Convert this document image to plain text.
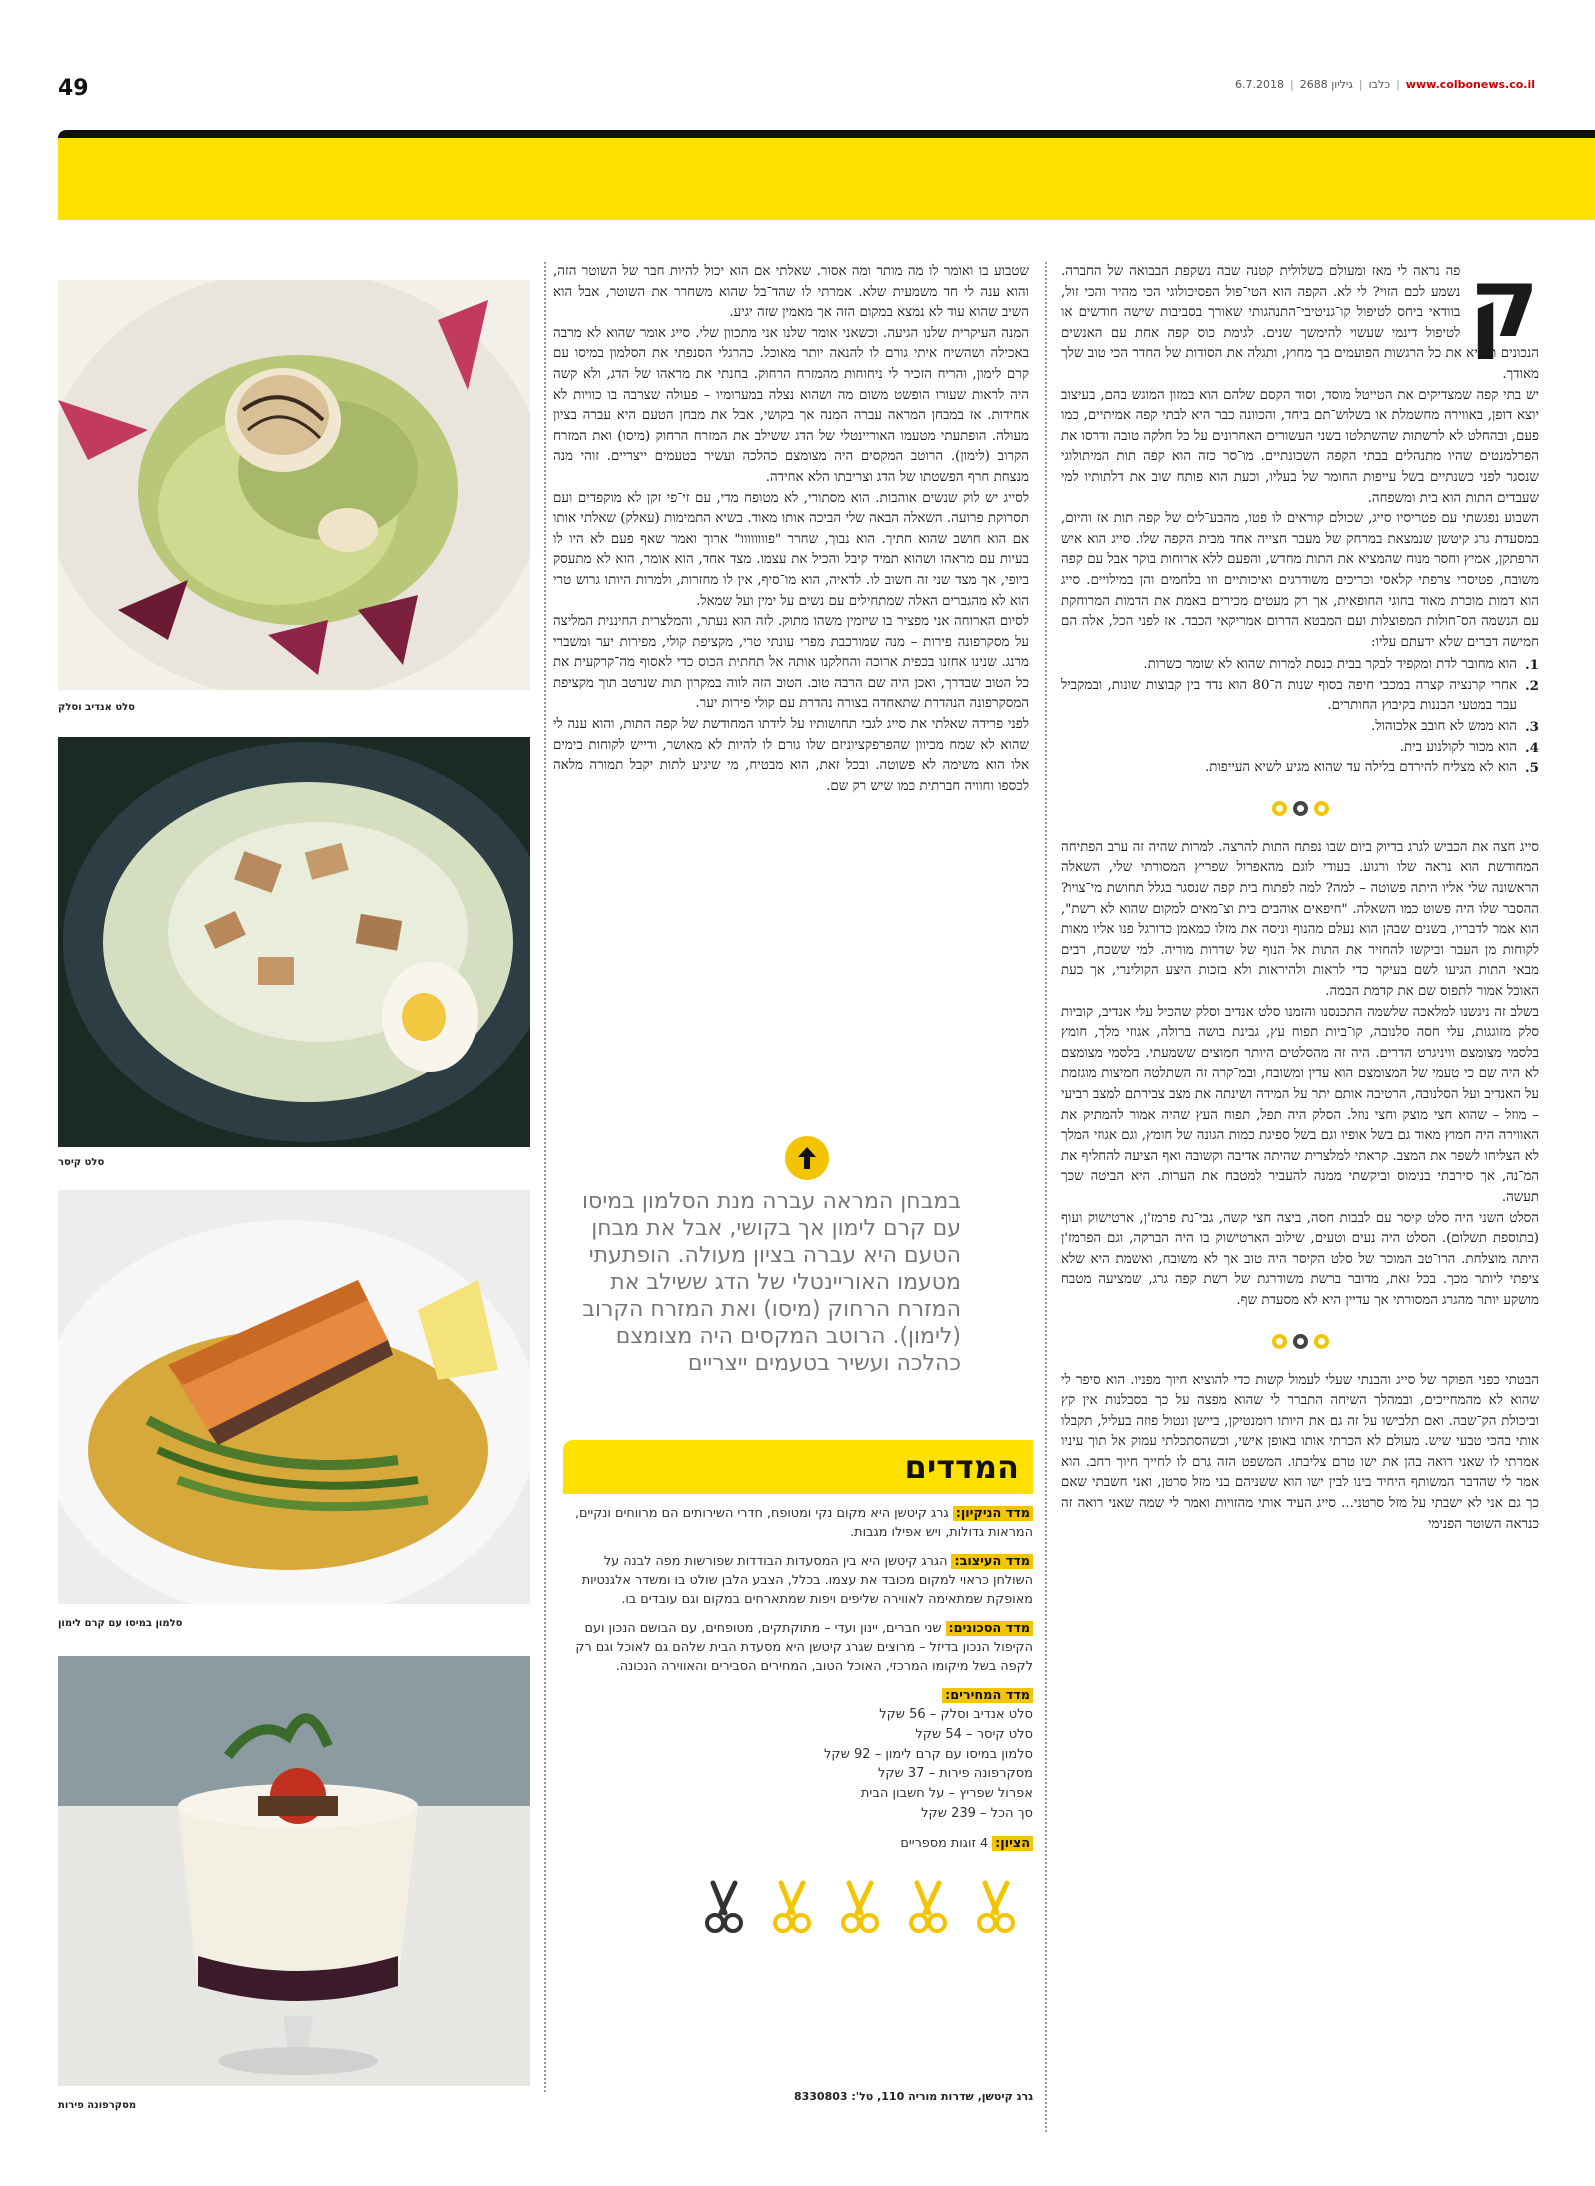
49	www.colbonews.co.il
|
כלבו
|
גיליון 2688
|
6.7.2018
סלט אנדיב וסלק
סלט קיסר
סלמון במיסו עם קרם לימון
מסקרפונה פירות
ק

פה נראה לי מאז ומעולם כשלולית קטנה שבה נשקפת הבבואה של החברה. נשמע לכם הזוי? לי לא. הקפה הוא הטי־פול הפסיכולוגי הכי מהיר והכי זול, בוודאי ביחס לטיפול קו־גניטיבי־התנהגותי שאורך בסביבות שישה חודשים או לטיפול דינמי שעשוי להימשך שנים. לגימת כוס קפה אחת עם האנשים הנכונים תוציא את כל הרגשות הפועמים בך מחוץ, ותגלה את הסודות של החדר הכי טוב שלך מאודך.

יש בתי קפה שמצדיקים את הטייטל מוסד, וסוד הקסם שלהם הוא במזון המוגש בהם, בעיצוב יוצא דופן, באווירה מחשמלת או בשלוש־תם ביחד, והכוונה כבר היא לבתי קפה אמיתיים, כמו פעם, ובהחלט לא לרשתות שהשתלטו בשני העשורים האחרונים על כל חלקה טובה ודרסו את הפרלמנטים שהיו מתנהלים בבתי הקפה השכונתיים. מו־סר כזה הוא קפה תות המיתולוגי שנסגר לפני כשנתיים בשל עייפות החומר של בעליו, וכעת הוא פותח שוב את דלתותיו למי שעבדים התות הוא בית ומשפחה.

השבוע נפגשתי עם פטריסיו סייג, שכולם קוראים לו פטו, מהבע־לים של קפה תות אז והיום, במסעדת גרג קיטשן שנמצאת במרחק של מעבר חצייה אחד מבית הקפה שלו. סייג הוא איש הרפתקן, אמיץ וחסר מנוח שהמציא את התות מחדש, והפעם ללא ארוחות בוקר אבל עם קפה משובח, פטיסרי צרפתי קלאסי וכריכים משודרגים ואיכותיים וזו בלחמים והן במילויים. סייג הוא דמות מוכרת מאוד בחוגי החופאית, אך רק מעטים מכירים באמת את הדמות המרוחקת עם הנשמה הס־חולות המפוצלות ועם המבטא הדרום אמריקאי הכבד. אז לפני הכל, אלה הם חמישה דברים שלא ידעתם עליו:

1.
הוא מחובר לדת ומקפיד לבקר בבית כנסת למרות שהוא לא שומר כשרות.
2.
אחרי קרנציה קצרה במכבי חיפה בסוף שנות ה־80 הוא נדד בין קבוצות שונות, ובמקביל עבר במטעי הבננות בקיבוץ החותרים.
3.
הוא ממש לא חובב אלכוהול.
4.
הוא מכור לקולנוע בית.
5.
הוא לא מצליח להירדם בלילה עד שהוא מגיע לשיא העייפות.

סייג חצה את הכביש לגרג בדיוק ביום שבו נפתח התות להרצה. למרות שהיה זה ערב הפתיחה המחודשת הוא נראה שלו ורגוע. בעודי לוגם מהאפרול שפריץ המסורתי שלי, השאלה הראשונה שלי אליו היתה פשוטה – למה? למה לפתוח בית קפה שנסגר בגלל תחושת מי־צויו? ההסבר שלו היה פשוט כמו השאלה. "חיפאים אוהבים בית וצ־מאים למקום שהוא לא רשת", הוא אמר לדבריו, בשנים שבהן הוא נעלם מהנוף וניסה את מזלו כמאמן כדורגל פנו אליו מאות לקוחות מן העבר וביקשו להחזיר את התות אל הנוף של שדרות מוריה. למי ששכח, רבים מבאי התות הגיעו לשם בעיקר כדי לראות ולהיראות ולא בזכות היצע הקולינרי, אך כעת האוכל אמור לתפוס שם את קדמת הבמה.

בשלב זה ניגשנו למלאכה שלשמה התכנסנו והזמנו סלט אנדיב וסלק שהכיל עלי אנדיב, קוביות סלק מזוגגות, עלי חסה סלנובה, קו־ביות תפוח עץ, גבינת בושה ברולה, אגוזי מלך, חומץ בלסמי מצומצם וויניגרט הדרים. היה זה מהסלטים היותר חמוצים ששמעתי. בלסמי מצומצם לא היה שם כי טעמי של המצומצם הוא עדין ומשובח, ובמ־קרה זה השתלטה חמיצות מוגזמת על האנדיב ועל הסלנובה, הרטיבה אותם יתר על המידה ושינתה את מצב צבירתם למצב רביעי – מוזל – שהוא חצי מוצק וחצי נוזל. הסלק היה תפל, תפוח העץ שהיה אמור להמתיק את האווירה היה חמוץ מאוד גם בשל אופיו וגם בשל ספיגת כמות הגונה של חומץ, וגם אגוזי המלך לא הצליחו לשפר את המצב. קראתי למלצרית שהיתה אדיבה וקשובה ואף הציעה להחליף את המ־נה, אך סירבתי בנימוס וביקשתי ממנה להעביר למטבח את הערות. היא הביטה שכך תעשה.

הסלט השני היה סלט קיסר עם לבבות חסה, ביצה חצי קשה, גבי־נת פרמז'ן, ארטישוק ועוף (בתוספת תשלום). הסלט היה נעים וטעים, שילוב הארטישוק בו היה הברקה, וגם הפרמז'ן היתה מוצלחת. הרו־טב המוכר של סלט הקיסר היה טוב אך לא משובח, ואשמת היא שלא ציפתי ליותר מכך. בכל זאת, מדובר ברשת משודרגת של רשת קפה גרג, שמציעה מטבח מושקע יותר מהגרג המסורתי אך עדיין היא לא מסעדת שף.

הבטתי כפני הפוקר של סייג והבנתי שעלי לעמול קשות כדי להוציא חיוך מפניו. הוא סיפר לי שהוא לא מהמחייכים, ובמהלך השיחה התברר לי שהוא מפצה על כך בסבלנות אין קץ וביכולת הק־שבה. ואם תלבישו על זה גם את היותו רומנטיקן, ביישן ונטול פוזה בעליל, תקבלו אותי בהכי טבעי שיש. מעולם לא הכרתי אותו באופן אישי, וכשהסתכלתי עמוק אל תוך עיניו אמרתי לו שאני רואה בהן את ישו טרם צליבתו. המשפט הזה גרם לו לחייך חיוך רחב. הוא אמר לי שהדבר המשותף היחיד בינו לבין ישו הוא ששניהם בני מזל סרטן, ואני חשבתי שאם כך גם אני לא ישבתי על מזל סרטני... סייג העיד אותי מהזויות ואמר לי שמה שאני רואה זה כנראה השוטר הפנימי

שטבוע בו ואומר לו מה מותר ומה אסור. שאלתי אם הוא יכול להיות חבר של השוטר הזה, והוא ענה לי חד משמעית שלא. אמרתי לו שהד־בל שהוא משחרר את השוטר, אבל הוא השיב שהוא עוד לא נמצא במקום הזה אך מאמין שזה יגיע.

המנה העיקרית שלנו הגיעה. וכשאני אומר שלנו אני מתכוון שלי. סייג אומר שהוא לא מרבה באכילה ושהשיח איתי גורם לו להנאה יותר מאוכל. כהרגלי הסנפתי את הסלמון במיסו עם קרם לימון, והריח הזכיר לי ניחוחות מהמזרח הרחוק. בחנתי את מראהו של הדג, ולא קשה היה לראות שעורו הופשט משום מה ושהוא נצלה במערומיו – פעולה שצרבה בו כוויות לא אחידות. אז במבחן המראה עברה המנה אך בקושי, אבל את מבחן הטעם היא עברה בציון מעולה. הופתעתי מטעמו האוריינטלי של הדג ששילב את המזרח הרחוק (מיסו) ואת המזרח הקרוב (לימון). הרוטב המקסים היה מצומצם כהלכה ועשיר בטעמים ייצריים. זוהי מנה מנצחת חרף הפשטתו של הדג וצריבתו הלא אחידה.

לסייג יש לוק שנשים אוהבות. הוא מסתורי, לא מטופח מדי, עם זי־פי זקן לא מוקפדים ועם תסרוקת פרועה. השאלה הבאה שלי הביכה אותו מאוד. בשיא התמימות (עאלק) שאלתי אותו אם הוא חושב שהוא חתיך. הוא נבוך, שחרר "פוווווווו" ארוך ואמר שאף פעם לא היו לו בעיות עם מראהו ושהוא תמיד קיבל והכיל את עצמו. מצד אחד, הוא אומר, הוא לא מתעסק ביופי, אך מצד שני זה חשוב לו. לדאיה, הוא מו־סיף, אין לו מחזרות, ולמרות היותו גרוש טרי הוא לא מהגברים האלה שמתחילים עם נשים על ימין ועל שמאל.

לסיום הארוחה אני מפציר בו שיזמין משהו מתוק. לזה הוא נעתר, והמלצרית החיננית המליצה על מסקרפונה פירות – מנה שמורכבת מפרי עונתי טרי, מקציפת קולי, מפירות יער ומשברי מרנג. שנינו אחזנו בכפית ארוכה והחלקנו אותה אל תחתית הכוס כדי לאסוף מה־קרקעית את כל הטוב שבדרך, ואכן היה שם הרבה טוב. הטוב הזה לווה במקרון תות שנרטב תוך מקציפת המסקרפונה הנהדרת שתאחדה בצורה נהדרת עם קולי פירות יער.

לפני פרידה שאלתי את סייג לגבי תחושותיו על לידתו המחודשת של קפה התות, והוא ענה לי שהוא לא שמח מכיוון שהפרפקציוניזם שלו גורם לו להיות לא מאושר, ודייש לקוחות בימים אלו הוא משימה לא פשוטה. ובכל זאת, הוא מבטיח, מי שיגיע לתות יקבל תמורה מלאה לכספו וחוויה חברתית כמו שיש רק שם.

במבחן המראה עברה מנת הסלמון במיסו עם קרם לימון אך בקושי, אבל את מבחן הטעם היא עברה בציון מעולה. הופתעתי מטעמו האוריינטלי של הדג ששילב את המזרח הרחוק (מיסו) ואת המזרח הקרוב (לימון). הרוטב המקסים היה מצומצם כהלכה ועשיר בטעמים ייצריים
המדדים
מדד הניקיון:גרג קיטשן היא מקום נקי ומטופח, חדרי השירותים הם מרווחים ונקיים, המראות גדולות, ויש אפילו מגבות.
מדד העיצוב:הגרג קיטשן היא בין המסעדות הבודדות שפורשות מפה לבנה על השולחן כראוי למקום מכובד את עצמו. בכלל, הצבע הלבן שולט בו ומשדר אלגנטיות מאופקת שמתאימה לאווירה שליפים ויפות שמתארחים במקום וגם עובדים בו.
מדד הסכונים:שני חברים, יינון ועדי – מתוקתקים, מטופחים, עם הבושם הנכון ועם הקיפול הנכון בדיזל – מרוצים שגרג קיטשן היא מסעדת הבית שלהם גם לאוכל וגם רק לקפה בשל מיקומו המרכזי, האוכל הטוב, המחירים הסבירים והאווירה הנכונה.
מדד המחירים:
סלט אנדיב וסלק – 56 שקל
סלט קיסר – 54 שקל
סלמון במיסו עם קרם לימון – 92 שקל
מסקרפונה פירות – 37 שקל
אפרול שפריץ – על חשבון הבית
סך הכל – 239 שקל
הציון:4 זוגות מספריים
גרג קיטשן, שדרות מוריה 110, טל': 8330803
